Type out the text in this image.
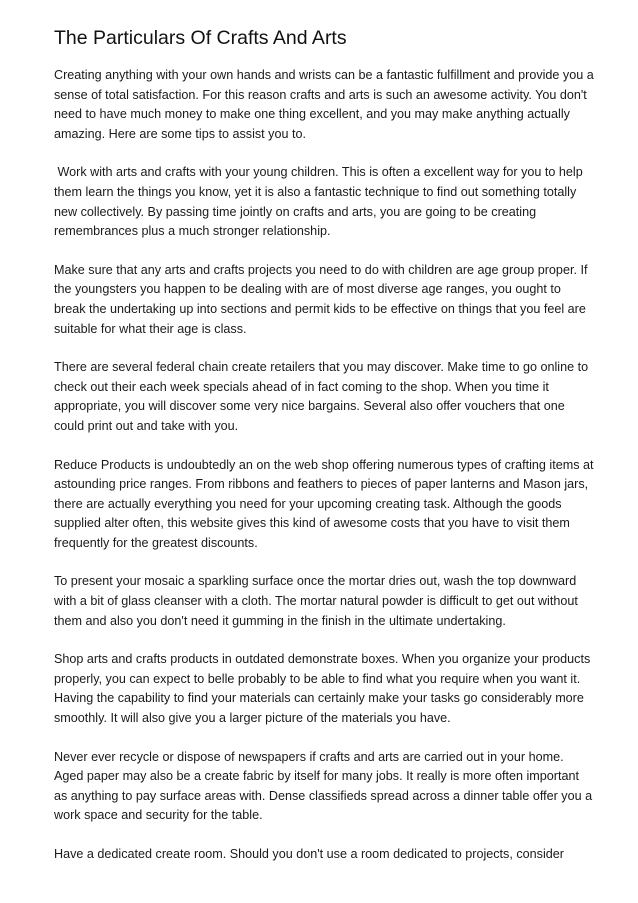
The Particulars Of Crafts And Arts

Creating anything with your own hands and wrists can be a fantastic fulfillment and provide you a sense of total satisfaction. For this reason crafts and arts is such an awesome activity. You don't need to have much money to make one thing excellent, and you may make anything actually amazing. Here are some tips to assist you to.

Work with arts and crafts with your young children. This is often a excellent way for you to help them learn the things you know, yet it is also a fantastic technique to find out something totally new collectively. By passing time jointly on crafts and arts, you are going to be creating remembrances plus a much stronger relationship.

Make sure that any arts and crafts projects you need to do with children are age group proper. If the youngsters you happen to be dealing with are of most diverse age ranges, you ought to break the undertaking up into sections and permit kids to be effective on things that you feel are suitable for what their age is class.

There are several federal chain create retailers that you may discover. Make time to go online to check out their each week specials ahead of in fact coming to the shop. When you time it appropriate, you will discover some very nice bargains. Several also offer vouchers that one could print out and take with you.

Reduce Products is undoubtedly an on the web shop offering numerous types of crafting items at astounding price ranges. From ribbons and feathers to pieces of paper lanterns and Mason jars, there are actually everything you need for your upcoming creating task. Although the goods supplied alter often, this website gives this kind of awesome costs that you have to visit them frequently for the greatest discounts.

To present your mosaic a sparkling surface once the mortar dries out, wash the top downward with a bit of glass cleanser with a cloth. The mortar natural powder is difficult to get out without them and also you don't need it gumming in the finish in the ultimate undertaking.

Shop arts and crafts products in outdated demonstrate boxes. When you organize your products properly, you can expect to belle probably to be able to find what you require when you want it. Having the capability to find your materials can certainly make your tasks go considerably more smoothly. It will also give you a larger picture of the materials you have.

Never ever recycle or dispose of newspapers if crafts and arts are carried out in your home. Aged paper may also be a create fabric by itself for many jobs. It really is more often important as anything to pay surface areas with. Dense classifieds spread across a dinner table offer you a work space and security for the table.

Have a dedicated create room. Should you don't use a room dedicated to projects, consider
